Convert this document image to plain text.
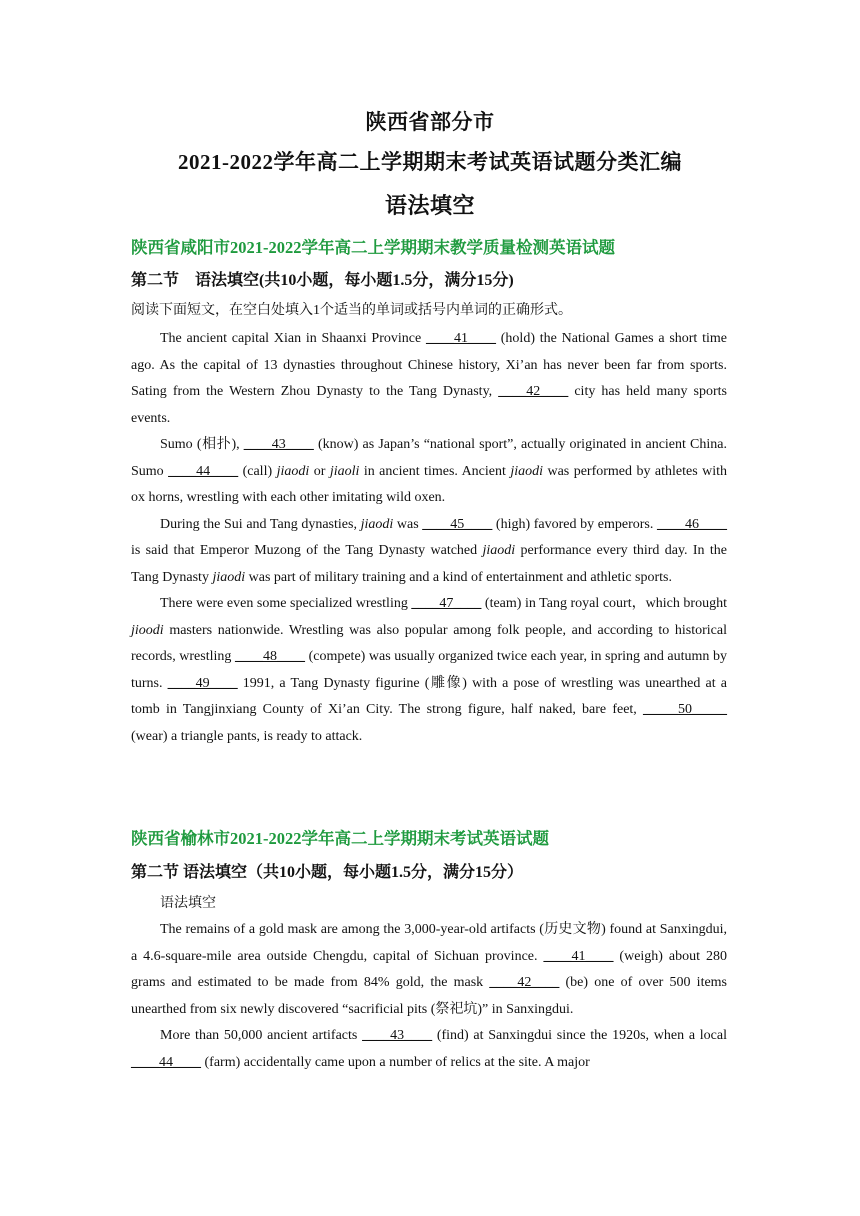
陕西省部分市
2021-2022学年高二上学期期末考试英语试题分类汇编
语法填空
陕西省咸阳市2021-2022学年高二上学期期末教学质量检测英语试题
第二节　语法填空(共10小题，每小题1.5分，满分15分)
阅读下面短文，在空白处填入1个适当的单词或括号内单词的正确形式。

The ancient capital Xian in Shaanxi Province ____41____ (hold) the National Games a short time ago. As the capital of 13 dynasties throughout Chinese history, Xi’an has never been far from sports. Sating from the Western Zhou Dynasty to the Tang Dynasty, ____42____ city has held many sports events.

Sumo (相扑), ____43____ (know) as Japan’s “national sport”, actually originated in ancient China. Sumo ____44____ (call) jiaodi or jiaoli in ancient times. Ancient jiaodi was performed by athletes with ox horns, wrestling with each other imitating wild oxen.

During the Sui and Tang dynasties, jiaodi was ____45____ (high) favored by emperors. ____46____ is said that Emperor Muzong of the Tang Dynasty watched jiaodi performance every third day. In the Tang Dynasty jiaodi was part of military training and a kind of entertainment and athletic sports.

There were even some specialized wrestling ____47____ (team) in Tang royal court，which brought jioodi masters nationwide. Wrestling was also popular among folk people, and according to historical records, wrestling ____48____ (compete) was usually organized twice each year, in spring and autumn by turns. ____49____ 1991, a Tang Dynasty figurine (雕像) with a pose of wrestling was unearthed at a tomb in Tangjinxiang County of Xi’an City. The strong figure, half naked, bare feet, _____50_____ (wear) a triangle pants, is ready to attack.

陕西省榆林市2021-2022学年高二上学期期末考试英语试题
第二节 语法填空（共10小题，每小题1.5分，满分15分）
语法填空

The remains of a gold mask are among the 3,000-year-old artifacts (历史文物) found at Sanxingdui, a 4.6-square-mile area outside Chengdu, capital of Sichuan province. ____41____ (weigh) about 280 grams and estimated to be made from 84% gold, the mask ____42____ (be) one of over 500 items unearthed from six newly discovered “sacrificial pits (祭祀坑)” in Sanxingdui.

More than 50,000 ancient artifacts ____43____ (find) at Sanxingdui since the 1920s, when a local ____44____ (farm) accidentally came upon a number of relics at the site. A major
